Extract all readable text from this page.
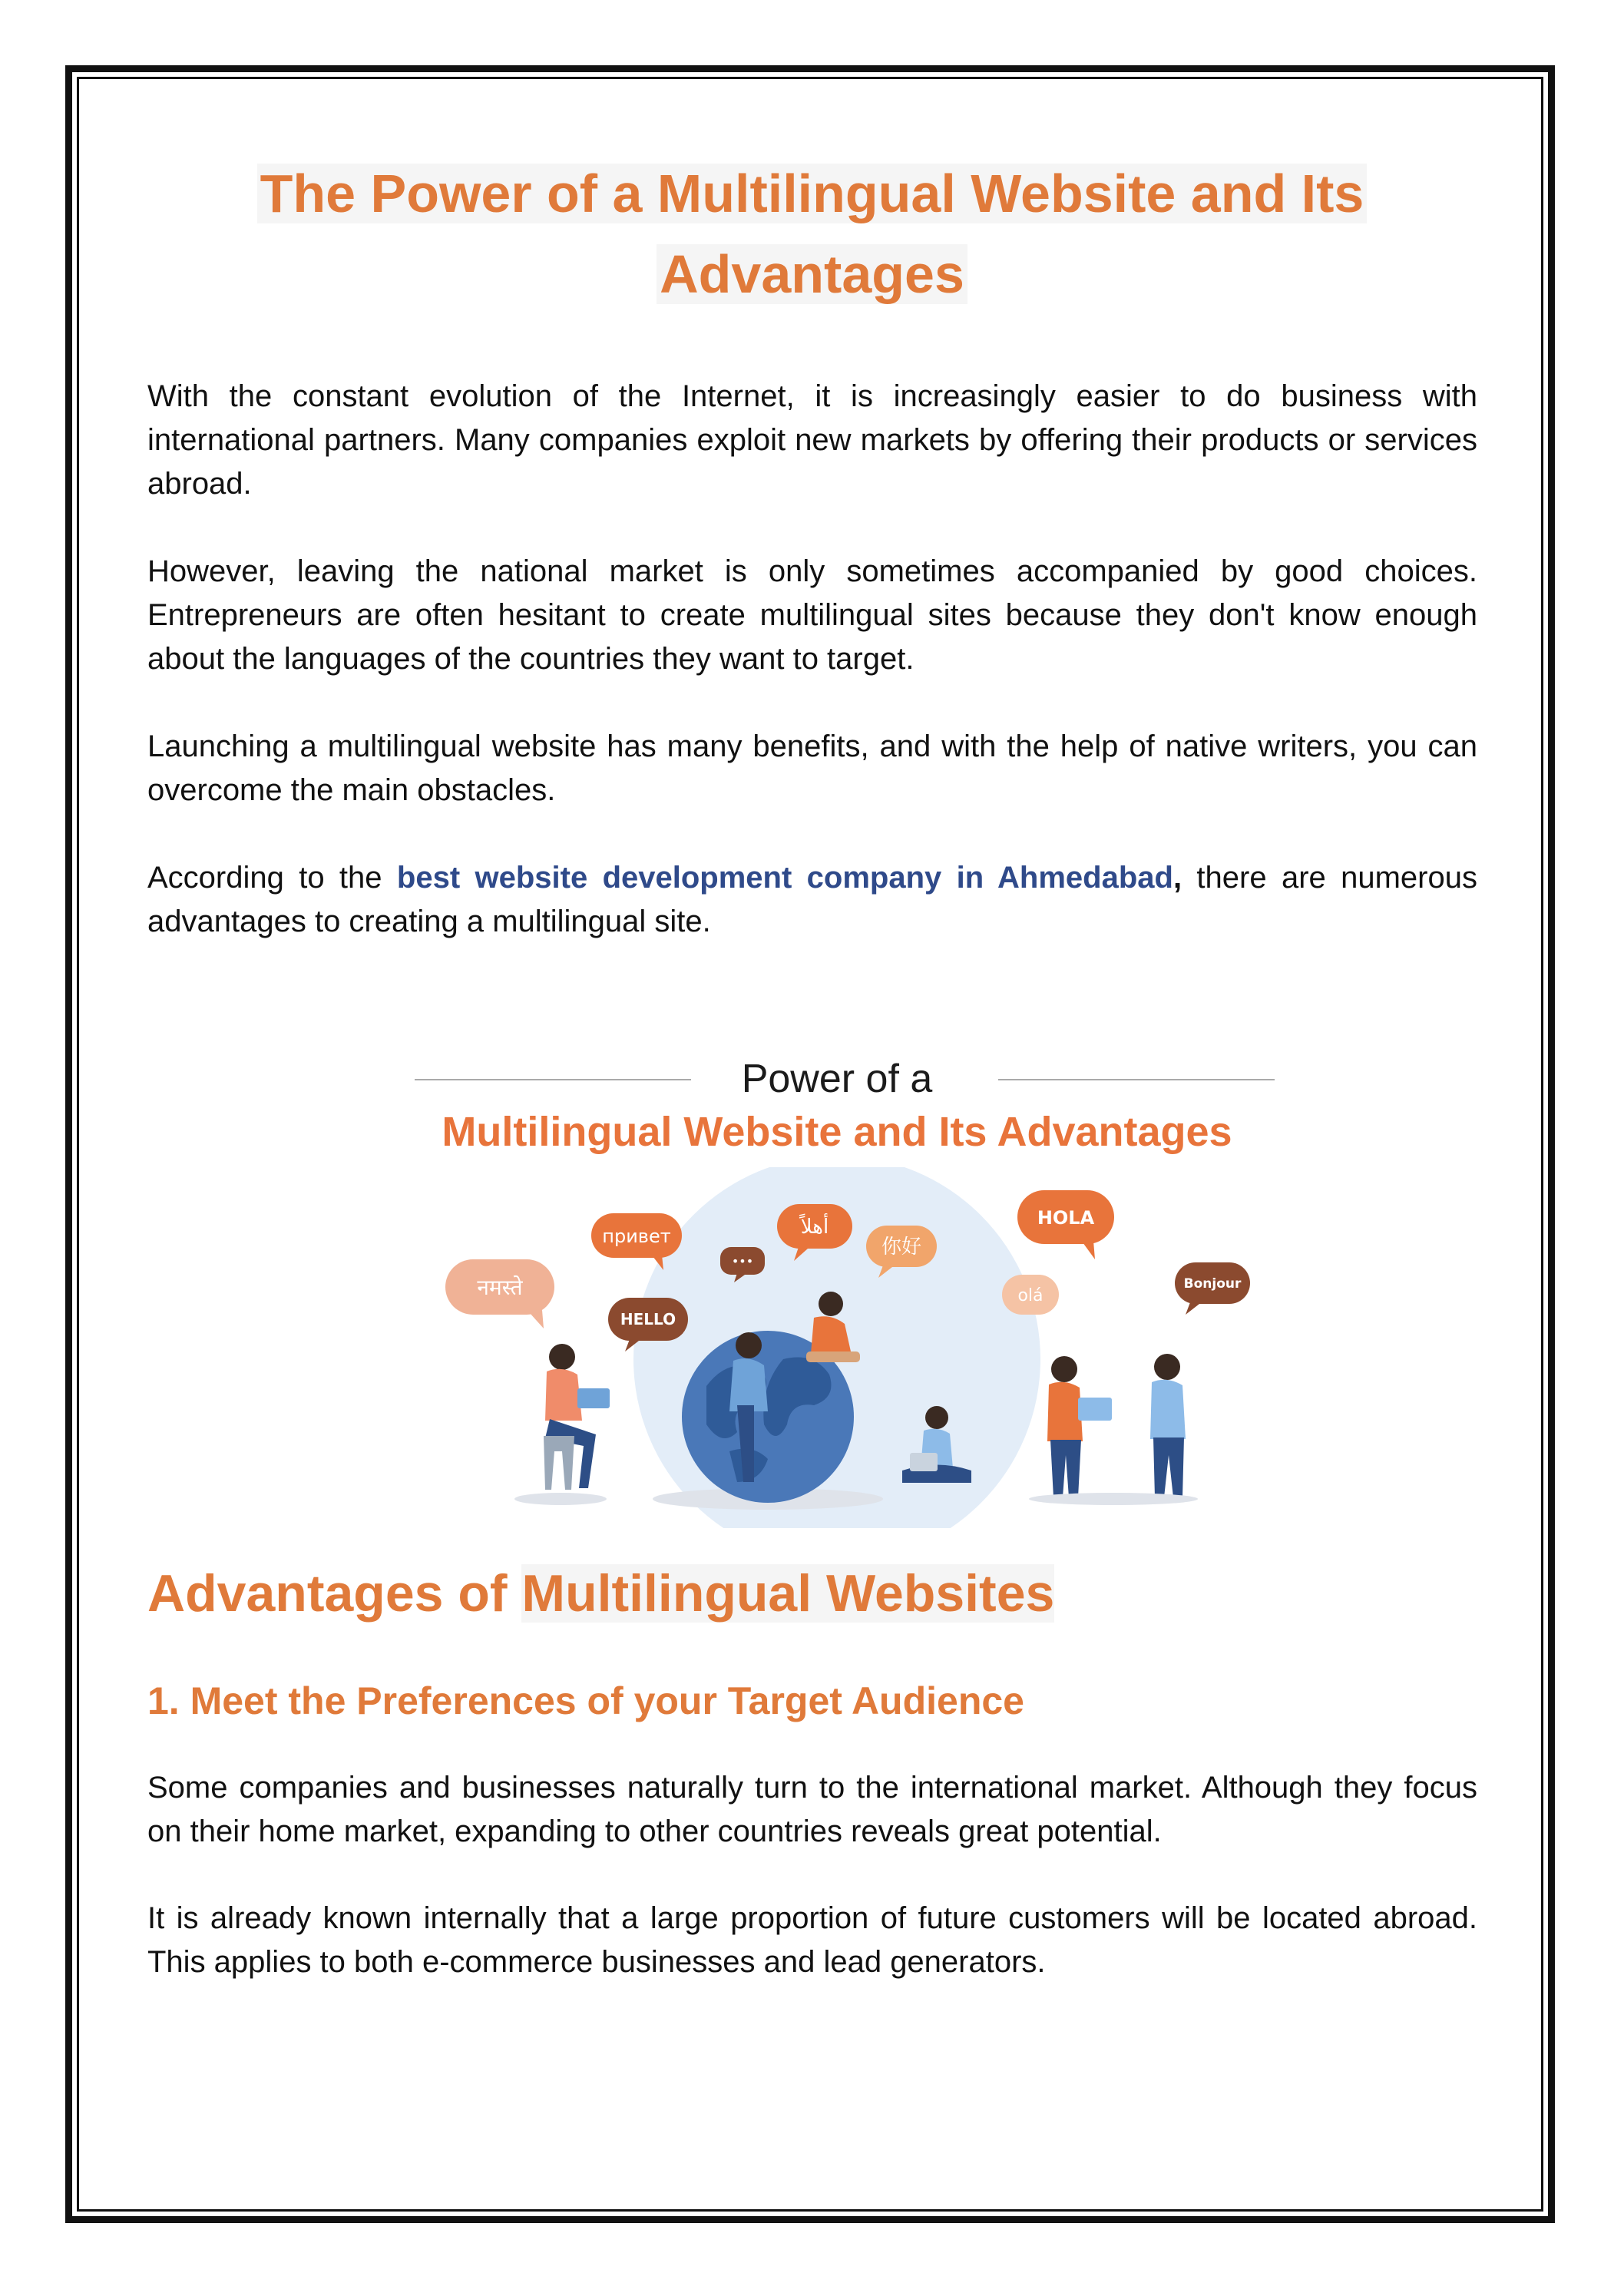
The Power of a Multilingual Website and Its
Advantages
With the constant evolution of the Internet, it is increasingly easier to do business with international partners. Many companies exploit new markets by offering their products or services abroad.
However, leaving the national market is only sometimes accompanied by good choices. Entrepreneurs are often hesitant to create multilingual sites because they don't know enough about the languages of the countries they want to target.
Launching a multilingual website has many benefits, and with the help of native writers, you can overcome the main obstacles.
According to the best website development company in Ahmedabad, there are numerous advantages to creating a multilingual site.
Power of a
Multilingual Website and Its Advantages
привет	أهلاً
你好
HOLA
नमस्ते
HELLO
•••
olá
Bonjour
Advantages of Multilingual Websites
1. Meet the Preferences of your Target Audience
Some companies and businesses naturally turn to the international market. Although they focus on their home market, expanding to other countries reveals great potential.
It is already known internally that a large proportion of future customers will be located abroad. This applies to both e-commerce businesses and lead generators.
